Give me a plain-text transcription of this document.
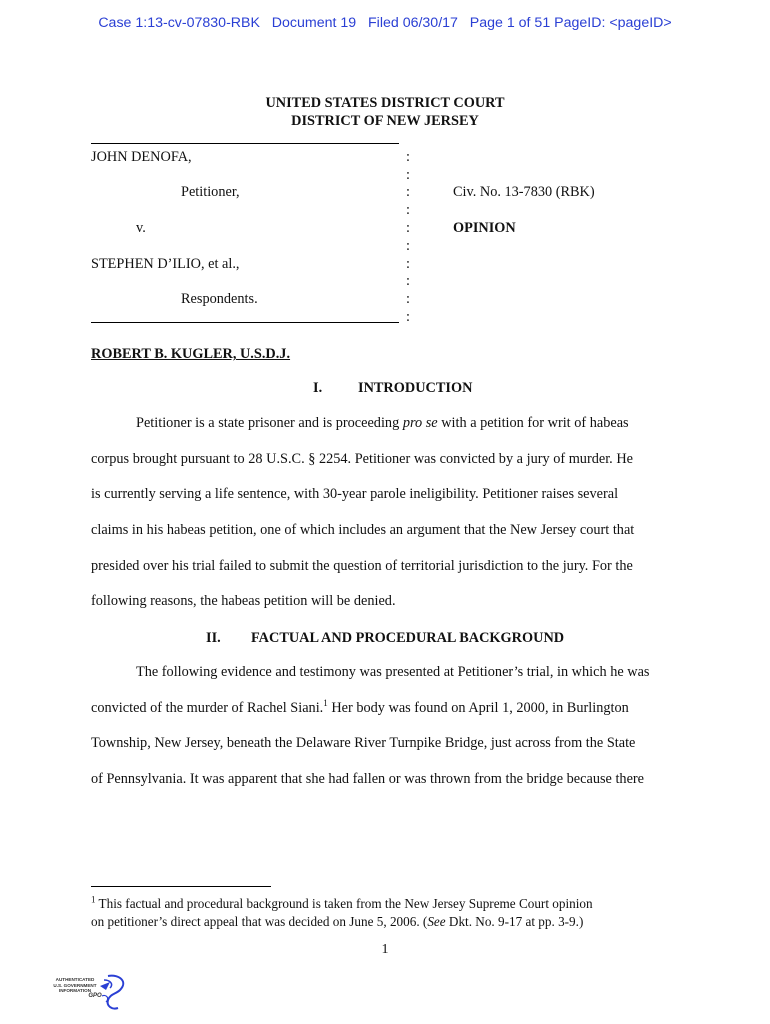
Case 1:13-cv-07830-RBK   Document 19   Filed 06/30/17   Page 1 of 51 PageID: <pageID>
UNITED STATES DISTRICT COURT
DISTRICT OF NEW JERSEY
JOHN DENOFA,
Petitioner,
v.
STEPHEN D’ILIO, et al.,
Respondents.
:
:
:
:
:
:
:
:
:
:
Civ. No. 13-7830 (RBK)
OPINION
ROBERT B. KUGLER, U.S.D.J.
I.	INTRODUCTION
Petitioner is a state prisoner and is proceeding pro se with a petition for writ of habeas
corpus brought pursuant to 28 U.S.C. § 2254. Petitioner was convicted by a jury of murder. He
is currently serving a life sentence, with 30-year parole ineligibility. Petitioner raises several
claims in his habeas petition, one of which includes an argument that the New Jersey court that
presided over his trial failed to submit the question of territorial jurisdiction to the jury. For the
following reasons, the habeas petition will be denied.
II. FACTUAL AND PROCEDURAL BACKGROUND
The following evidence and testimony was presented at Petitioner’s trial, in which he was
convicted of the murder of Rachel Siani.$^1$ Her body was found on April 1, 2000, in Burlington
Township, New Jersey, beneath the Delaware River Turnpike Bridge, just across from the State
of Pennsylvania. It was apparent that she had fallen or was thrown from the bridge because there
$^1$ This factual and procedural background is taken from the New Jersey Supreme Court opinion
on petitioner’s direct appeal that was decided on June 5, 2006. (See Dkt. No. 9-17 at pp. 3-9.)
1
AUTHENTICATED
U.S. GOVERNMENT
INFORMATION
GPO
